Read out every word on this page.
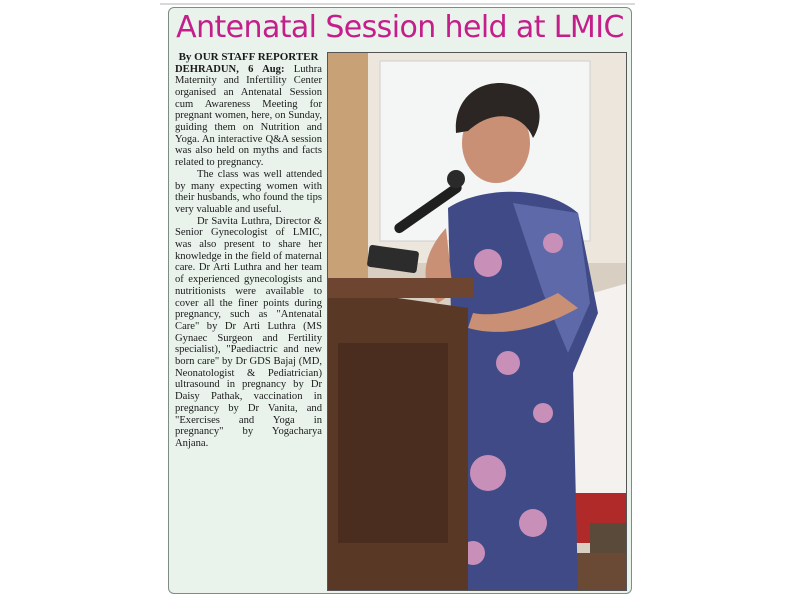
Antenatal Session held at LMIC

By OUR STAFF REPORTER

DEHRADUN, 6 Aug: Luthra Maternity and Infertility Center organised an Antenatal Session cum Awareness Meeting for pregnant women, here, on Sunday, guiding them on Nutrition and Yoga. An interactive Q&A session was also held on myths and facts related to pregnancy.

The class was well attended by many expecting women with their husbands, who found the tips very valuable and useful.

Dr Savita Luthra, Director & Senior Gynecologist of LMIC, was also present to share her knowledge in the field of maternal care. Dr Arti Luthra and her team of experienced gynecologists and nutritionists were available to cover all the finer points during pregnancy, such as "Antenatal Care" by Dr Arti Luthra (MS Gynaec Surgeon and Fertility specialist), "Paediactric and new born care" by Dr GDS Bajaj (MD, Neonatologist & Pediatrician) ultrasound in pregnancy by Dr Daisy Pathak, vaccination in pregnancy by Dr Vanita, and "Exercises and Yoga in pregnancy" by Yogacharya Anjana.
